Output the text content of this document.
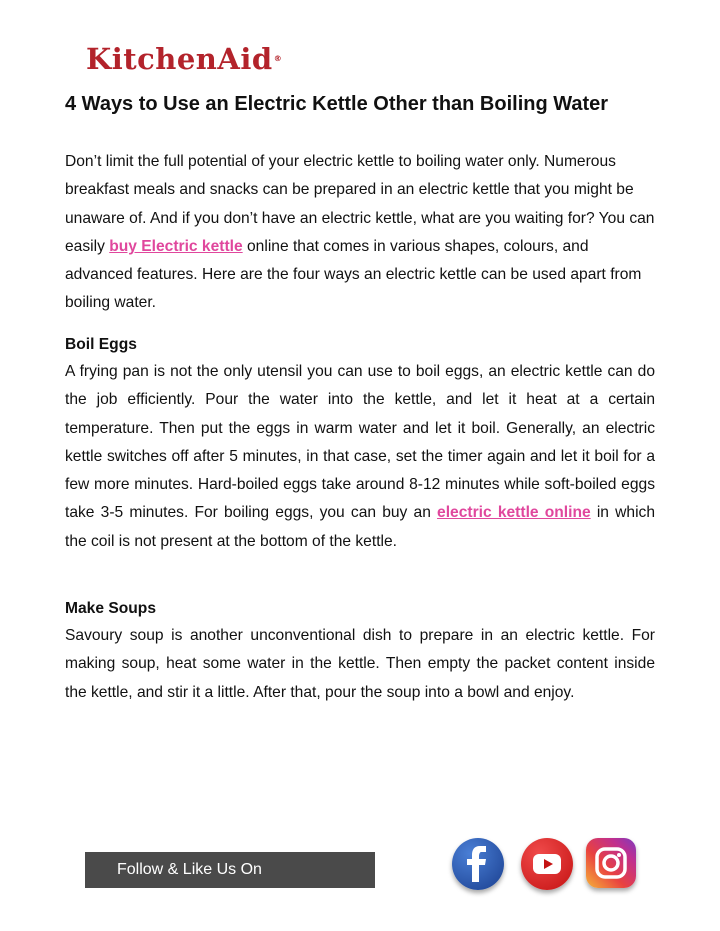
KitchenAid®
4 Ways to Use an Electric Kettle Other than Boiling Water

Don’t limit the full potential of your electric kettle to boiling water only. Numerous breakfast meals and snacks can be prepared in an electric kettle that you might be unaware of. And if you don’t have an electric kettle, what are you waiting for? You can easily buy Electric kettle online that comes in various shapes, colours, and advanced features. Here are the four ways an electric kettle can be used apart from boiling water.

Boil Eggs

A frying pan is not the only utensil you can use to boil eggs, an electric kettle can do the job efficiently. Pour the water into the kettle, and let it heat at a certain temperature. Then put the eggs in warm water and let it boil. Generally, an electric kettle switches off after 5 minutes, in that case, set the timer again and let it boil for a few more minutes. Hard-boiled eggs take around 8-12 minutes while soft-boiled eggs take 3-5 minutes. For boiling eggs, you can buy an electric kettle online in which the coil is not present at the bottom of the kettle.

Make Soups

Savoury soup is another unconventional dish to prepare in an electric kettle. For making soup, heat some water in the kettle. Then empty the packet content inside the kettle, and stir it a little. After that, pour the soup into a bowl and enjoy.

Follow & Like Us On
